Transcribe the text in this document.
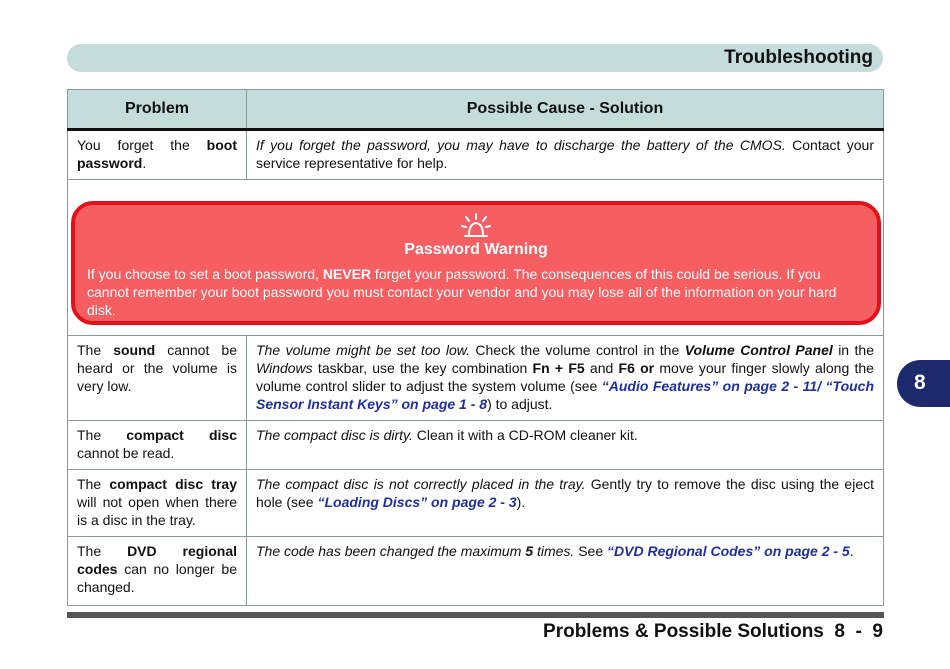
Troubleshooting
8
Problem	Possible Cause - Solution
You forget the boot password.	If you forget the password, you may have to discharge the battery of the CMOS. Contact your service representative for help.

Password Warning
If you choose to set a boot password, NEVER forget your password. The consequences of this could be serious. If you cannot remember your boot password you must contact your vendor and you may lose all of the information on your hard disk.	

The sound cannot be heard or the volume is very low.	The volume might be set too low. Check the volume control in the Volume Control Panel in the Windows taskbar, use the key combination Fn + F5 and F6 or move your finger slowly along the volume control slider to adjust the system volume (see “Audio Features” on page 2 - 11/ “Touch Sensor Instant Keys” on page 1 - 8) to adjust.
The compact disc cannot be read.	The compact disc is dirty. Clean it with a CD-ROM cleaner kit.
The compact disc tray will not open when there is a disc in the tray.	The compact disc is not correctly placed in the tray. Gently try to remove the disc using the eject hole (see “Loading Discs” on page 2 - 3).
The DVD regional codes can no longer be changed.	The code has been changed the maximum 5 times. See “DVD Regional Codes” on page 2 - 5.
Problems & Possible Solutions  8  -  9
